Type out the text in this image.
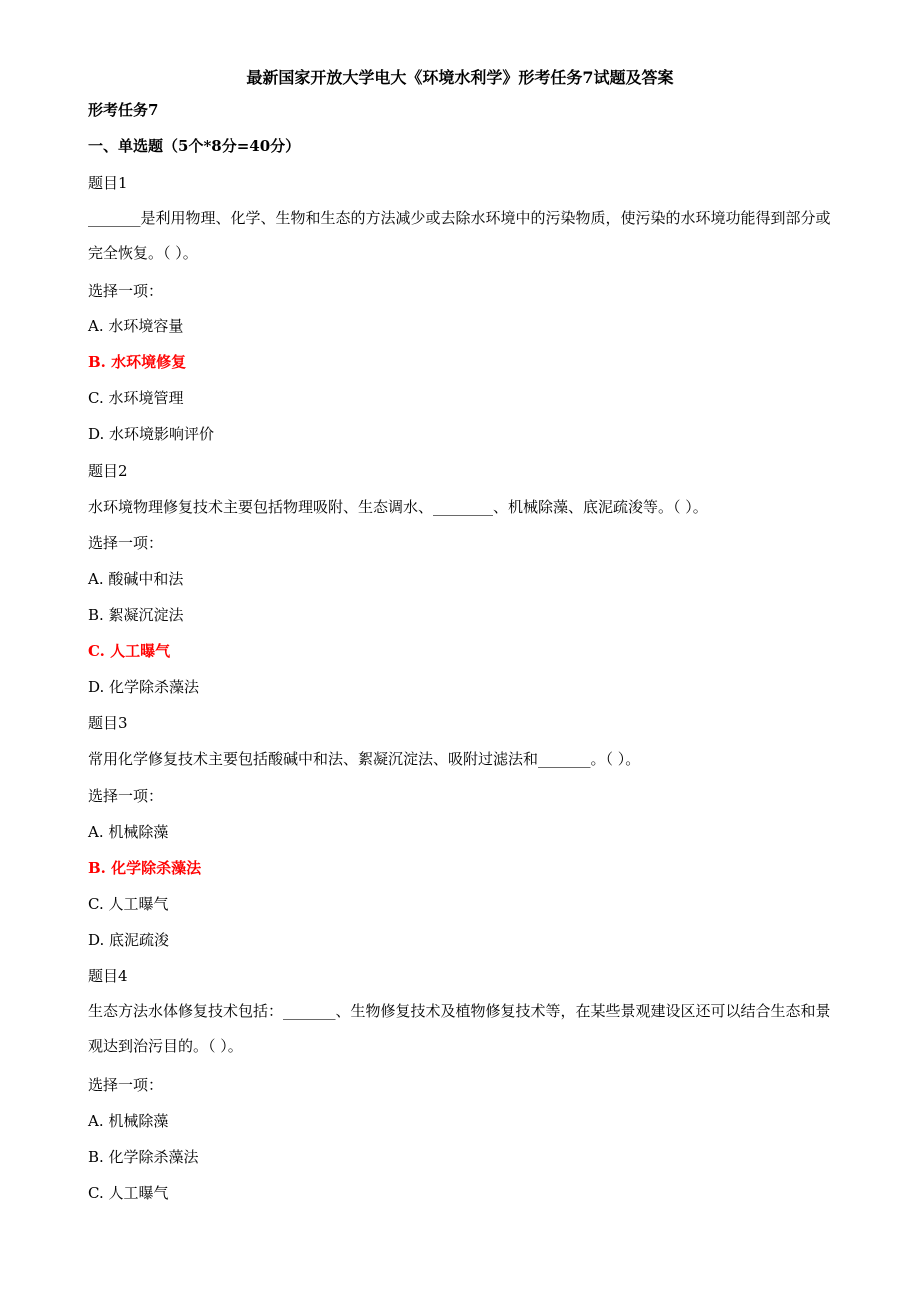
最新国家开放大学电大《环境水利学》形考任务7试题及答案
形考任务7
一、单选题（5个*8分=40分）
题目1
_______是利用物理、化学、生物和生态的方法减少或去除水环境中的污染物质，使污染的水环境功能得到部分或完全恢复。（ ）。
选择一项：
A. 水环境容量
B. 水环境修复
C. 水环境管理
D. 水环境影响评价
题目2
水环境物理修复技术主要包括物理吸附、生态调水、________、机械除藻、底泥疏浚等。（ ）。
选择一项：
A. 酸碱中和法
B. 絮凝沉淀法
C. 人工曝气
D. 化学除杀藻法
题目3
常用化学修复技术主要包括酸碱中和法、絮凝沉淀法、吸附过滤法和_______。（ ）。
选择一项：
A. 机械除藻
B. 化学除杀藻法
C. 人工曝气
D. 底泥疏浚
题目4
生态方法水体修复技术包括：_______、生物修复技术及植物修复技术等，在某些景观建设区还可以结合生态和景观达到治污目的。（ ）。
选择一项：
A. 机械除藻
B. 化学除杀藻法
C. 人工曝气
